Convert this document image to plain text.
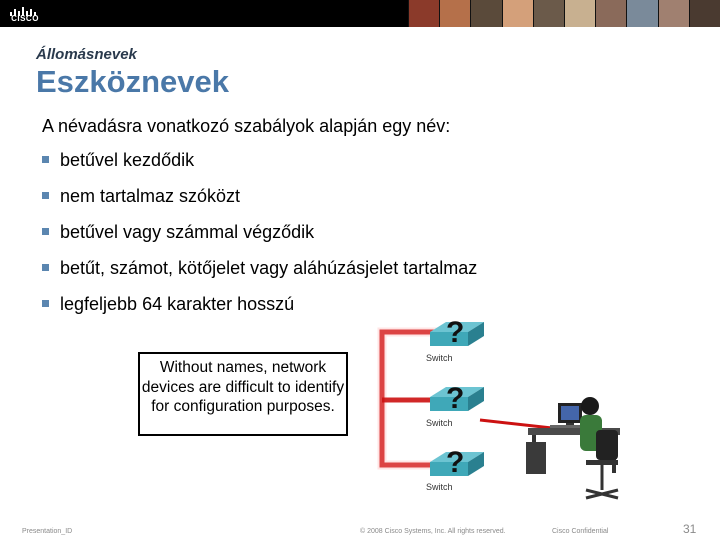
CISCO
Állomásnevek
Eszköznevek
A névadásra vonatkozó szabályok alapján egy név:
betűvel kezdődik
nem tartalmaz szóközt
betűvel vagy számmal végződik
betűt, számot, kötőjelet vagy aláhúzásjelet tartalmaz
legfeljebb 64 karakter hosszú
Without names, network devices are difficult to identify for configuration purposes.
?
Switch
?
Switch
?
Switch
Presentation_ID	© 2008 Cisco Systems, Inc. All rights reserved.	Cisco Confidential	31
